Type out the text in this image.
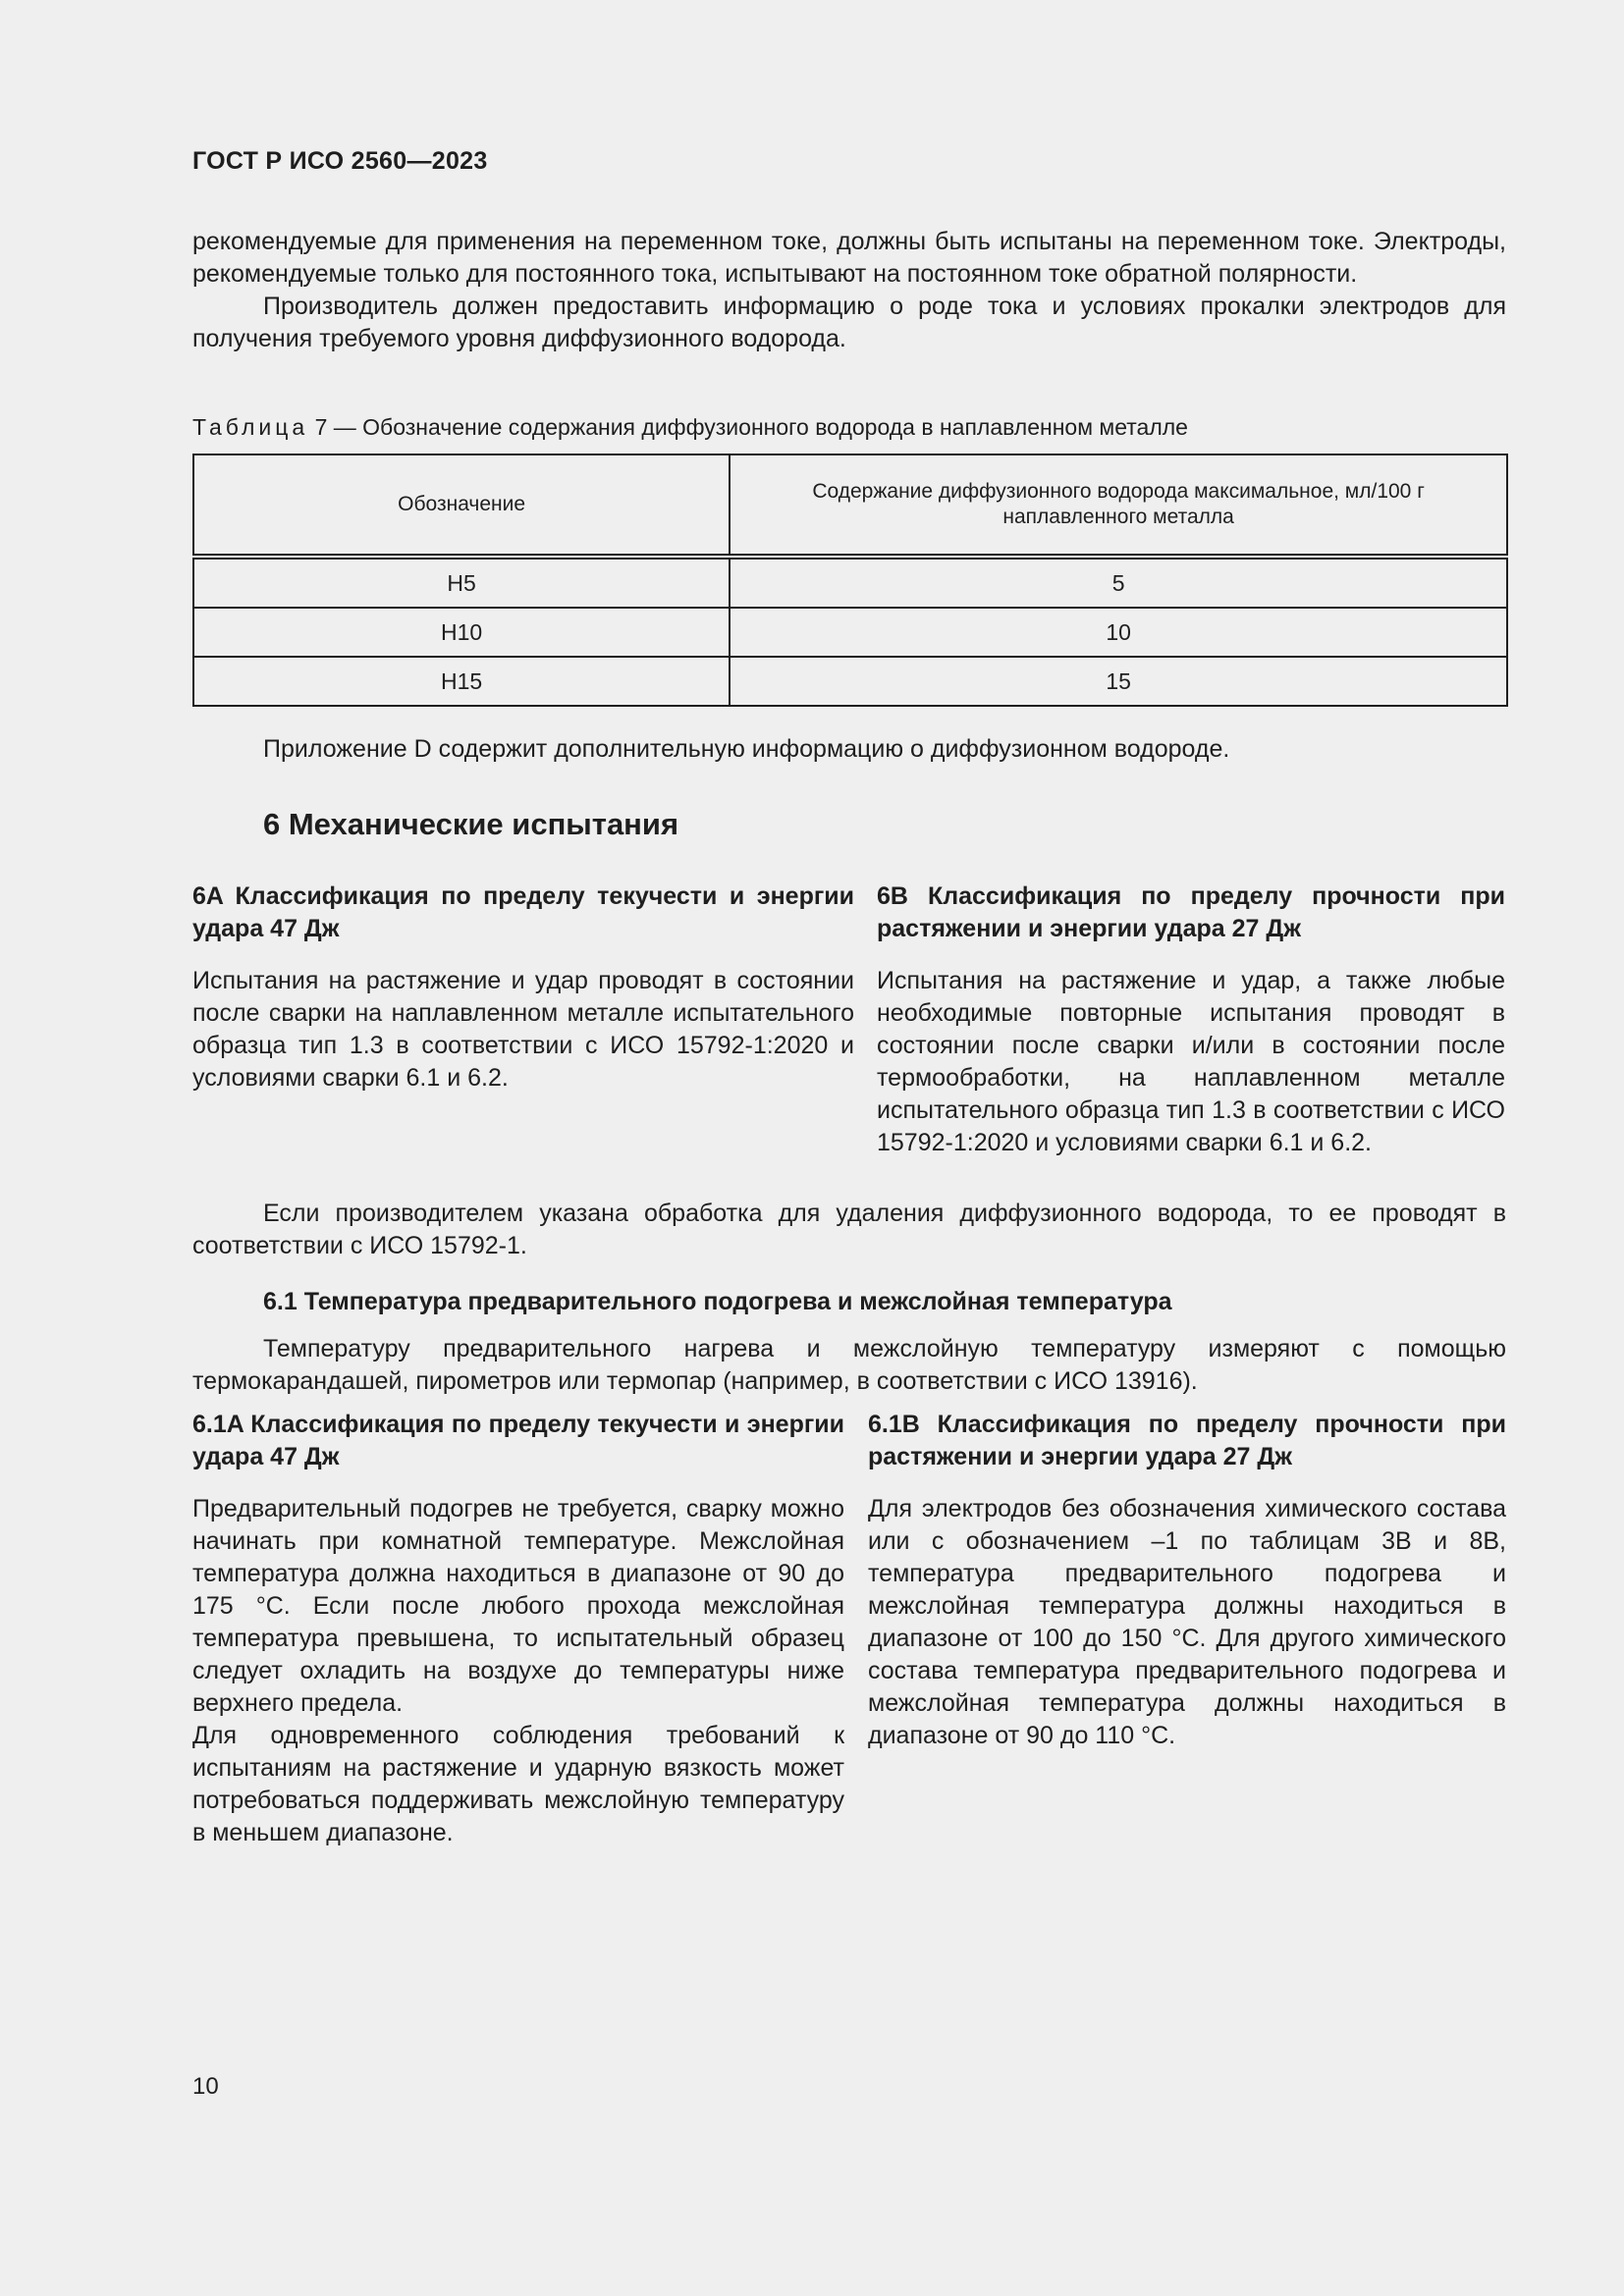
ГОСТ Р ИСО 2560—2023

рекомендуемые для применения на переменном токе, должны быть испытаны на переменном токе. Электроды, рекомендуемые только для постоянного тока, испытывают на постоянном токе обратной полярности.

Производитель должен предоставить информацию о роде тока и условиях прокалки электродов для получения требуемого уровня диффузионного водорода.

Таблица 7 — Обозначение содержания диффузионного водорода в наплавленном металле
Обозначение	Содержание диффузионного водорода максимальное, мл/100 г наплавленного металла
H5	5
H10	10
H15	15

Приложение D содержит дополнительную информацию о диффузионном водороде.

6 Механические испытания

6A Классификация по пределу текучести и энергии удара 47 Дж

Испытания на растяжение и удар проводят в состоянии после сварки на наплавленном металле испытательного образца тип 1.3 в соответствии с ИСО 15792-1:2020 и условиями сварки 6.1 и 6.2.

6B Классификация по пределу прочности при растяжении и энергии удара 27 Дж

Испытания на растяжение и удар, а также любые необходимые повторные испытания проводят в состоянии после сварки и/или в состоянии после термообработки, на наплавленном металле испытательного образца тип 1.3 в соответствии с ИСО 15792-1:2020 и условиями сварки 6.1 и 6.2.

Если производителем указана обработка для удаления диффузионного водорода, то ее проводят в соответствии с ИСО 15792-1.

6.1 Температура предварительного подогрева и межслойная температура

Температуру предварительного нагрева и межслойную температуру измеряют с помощью термокарандашей, пирометров или термопар (например, в соответствии с ИСО 13916).

6.1A Классификация по пределу текучести и энергии удара 47 Дж

Предварительный подогрев не требуется, сварку можно начинать при комнатной температуре. Межслойная температура должна находиться в диапазоне от 90 до 175 °C. Если после любого прохода межслойная температура превышена, то испытательный образец следует охладить на воздухе до температуры ниже верхнего предела.

Для одновременного соблюдения требований к испытаниям на растяжение и ударную вязкость может потребоваться поддерживать межслойную температуру в меньшем диапазоне.

6.1B Классификация по пределу прочности при растяжении и энергии удара 27 Дж

Для электродов без обозначения химического состава или с обозначением –1 по таблицам 3B и 8B, температура предварительного подогрева и межслойная температура должны находиться в диапазоне от 100 до 150 °C. Для другого химического состава температура предварительного подогрева и межслойная температура должны находиться в диапазоне от 90 до 110 °C.

10
